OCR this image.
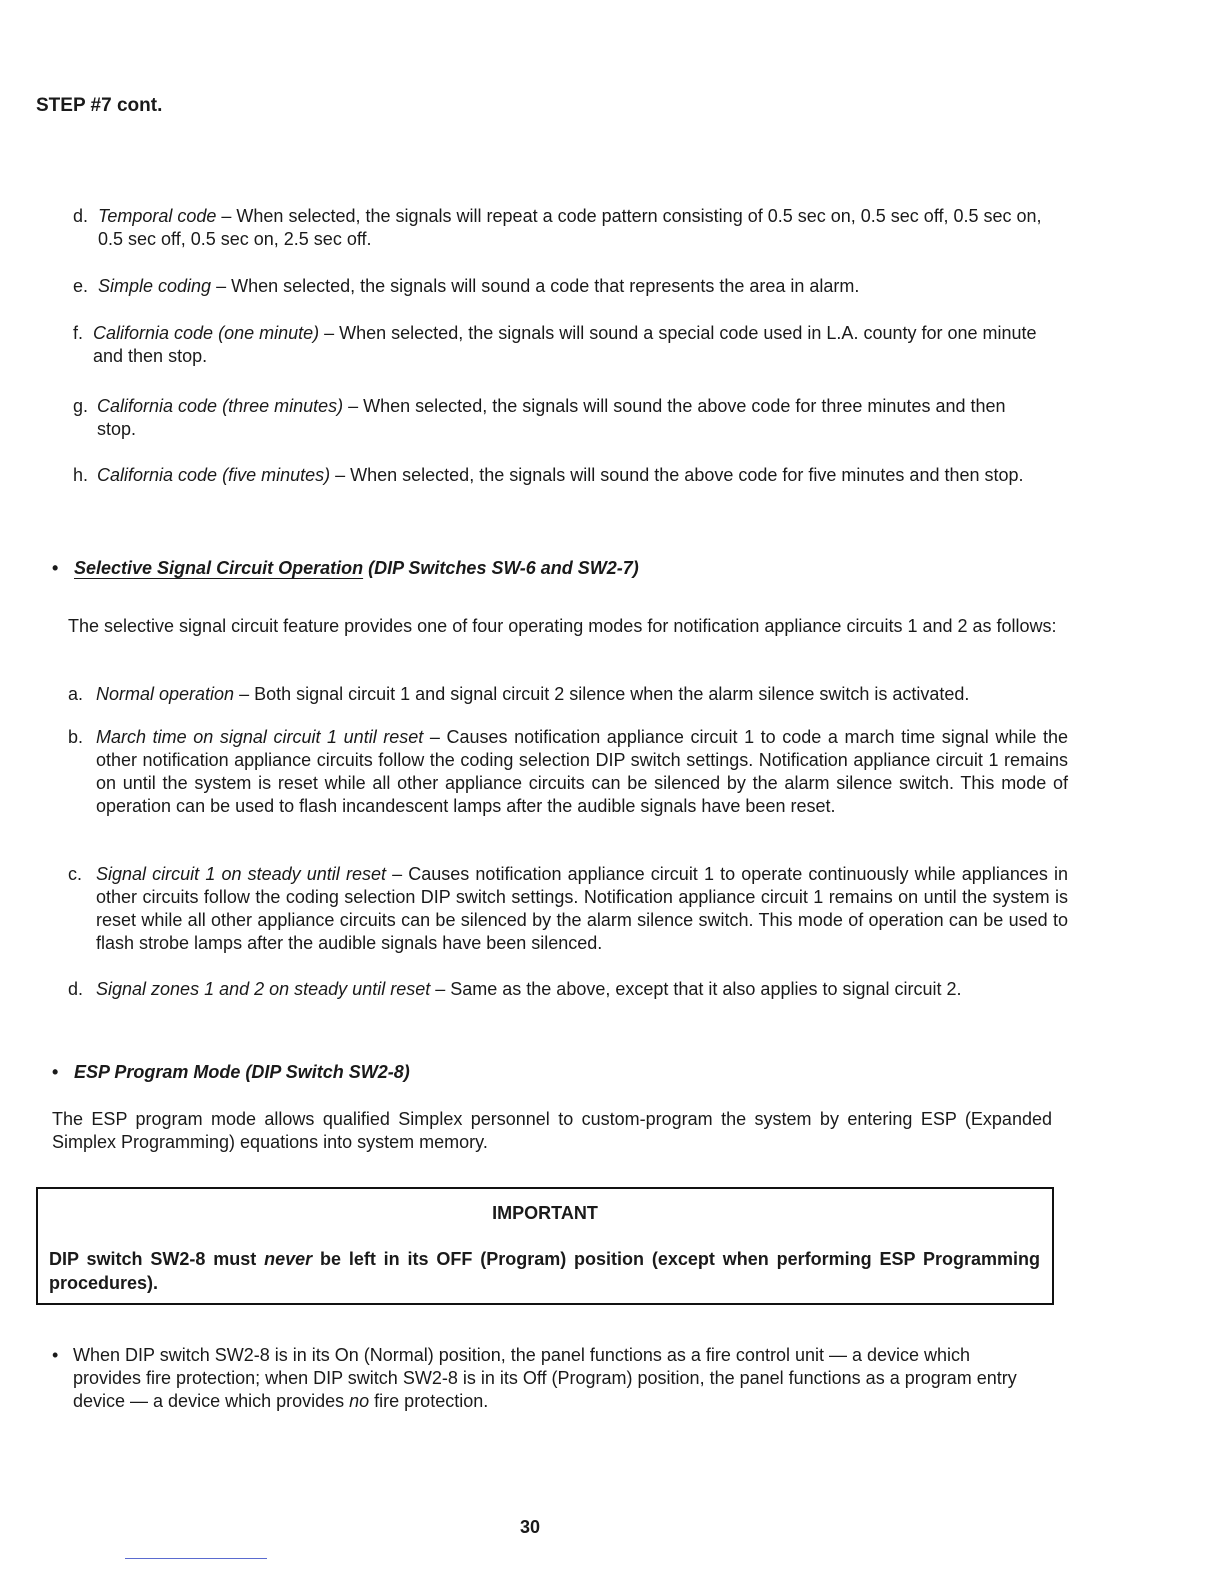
STEP #7 cont.
d. Temporal code – When selected, the signals will repeat a code pattern consisting of 0.5 sec on, 0.5 sec off, 0.5 sec on, 0.5 sec off, 0.5 sec on, 2.5 sec off.
e. Simple coding – When selected, the signals will sound a code that represents the area in alarm.
f. California code (one minute) – When selected, the signals will sound a special code used in L.A. county for one minute and then stop.
g. California code (three minutes) – When selected, the signals will sound the above code for three minutes and then stop.
h. California code (five minutes) – When selected, the signals will sound the above code for five minutes and then stop.
• Selective Signal Circuit Operation (DIP Switches SW-6 and SW2-7)
The selective signal circuit feature provides one of four operating modes for notification appliance circuits 1 and 2 as follows:
a. Normal operation – Both signal circuit 1 and signal circuit 2 silence when the alarm silence switch is activated.
b. March time on signal circuit 1 until reset – Causes notification appliance circuit 1 to code a march time signal while the other notification appliance circuits follow the coding selection DIP switch settings. Notification appliance circuit 1 remains on until the system is reset while all other appliance circuits can be silenced by the alarm silence switch. This mode of operation can be used to flash incandescent lamps after the audible signals have been reset.
c. Signal circuit 1 on steady until reset – Causes notification appliance circuit 1 to operate continuously while appliances in other circuits follow the coding selection DIP switch settings. Notification appliance circuit 1 remains on until the system is reset while all other appliance circuits can be silenced by the alarm silence switch. This mode of operation can be used to flash strobe lamps after the audible signals have been silenced.
d. Signal zones 1 and 2 on steady until reset – Same as the above, except that it also applies to signal circuit 2.
• ESP Program Mode (DIP Switch SW2-8)
The ESP program mode allows qualified Simplex personnel to custom-program the system by entering ESP (Expanded Simplex Programming) equations into system memory.
IMPORTANT
DIP switch SW2-8 must never be left in its OFF (Program) position (except when performing ESP Programming procedures).
• When DIP switch SW2-8 is in its On (Normal) position, the panel functions as a fire control unit — a device which provides fire protection; when DIP switch SW2-8 is in its Off (Program) position, the panel functions as a program entry device — a device which provides no fire protection.
30
